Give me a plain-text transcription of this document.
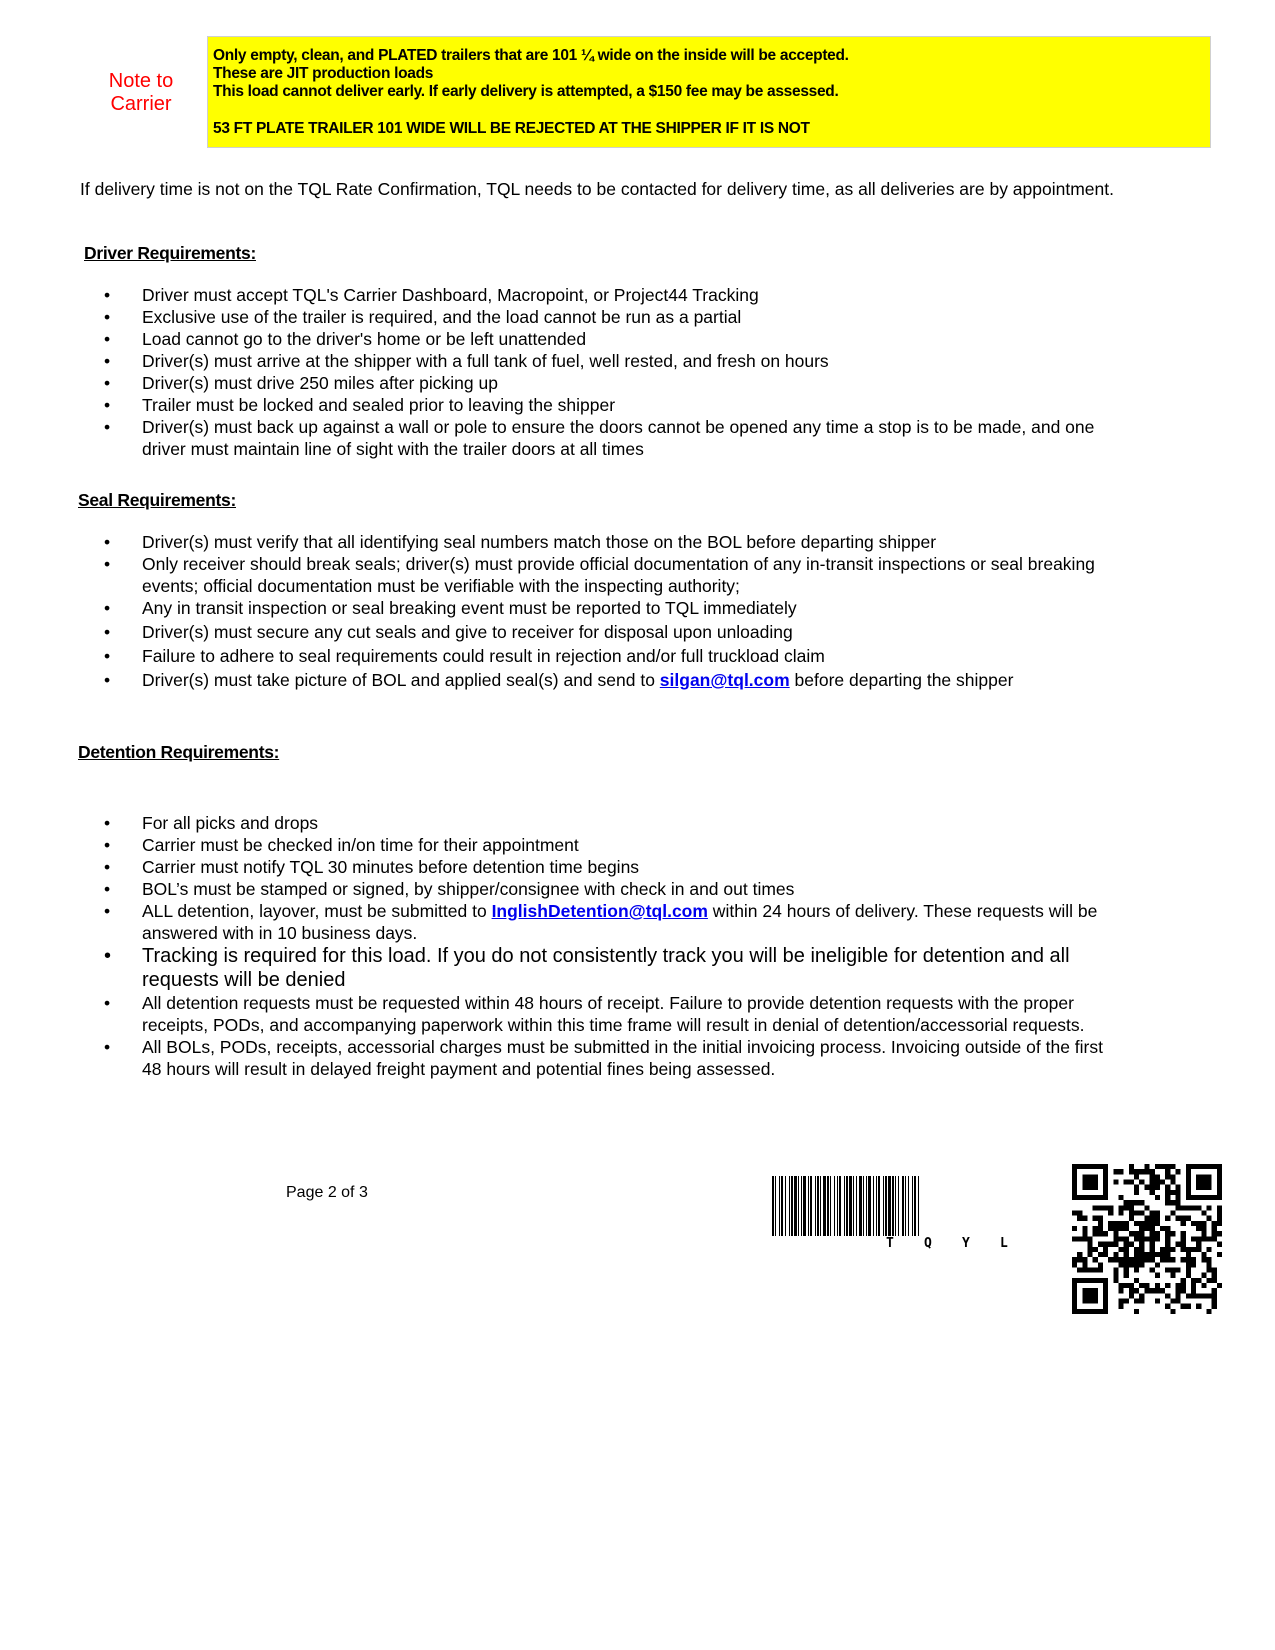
Note to
Carrier
Only empty, clean, and PLATED trailers that are 101 ¼ wide on the inside will be accepted.
These are JIT production loads
This load cannot deliver early. If early delivery is attempted, a $150 fee may be assessed.
53 FT PLATE TRAILER 101 WIDE WILL BE REJECTED AT THE SHIPPER IF IT IS NOT
If delivery time is not on the TQL Rate Confirmation, TQL needs to be contacted for delivery time, as all deliveries are by appointment.
Driver Requirements:
•	Driver must accept TQL's Carrier Dashboard, Macropoint, or Project44 Tracking
•	Exclusive use of the trailer is required, and the load cannot be run as a partial
•	Load cannot go to the driver's home or be left unattended
•	Driver(s) must arrive at the shipper with a full tank of fuel, well rested, and fresh on hours
•	Driver(s) must drive 250 miles after picking up
•	Trailer must be locked and sealed prior to leaving the shipper
•	Driver(s) must back up against a wall or pole to ensure the doors cannot be opened any time a stop is to be made, and one driver must maintain line of sight with the trailer doors at all times
Seal Requirements:
•	Driver(s) must verify that all identifying seal numbers match those on the BOL before departing shipper
•	Only receiver should break seals; driver(s) must provide official documentation of any in-transit inspections or seal breaking events; official documentation must be verifiable with the inspecting authority;
•	Any in transit inspection or seal breaking event must be reported to TQL immediately
•	Driver(s) must secure any cut seals and give to receiver for disposal upon unloading
•	Failure to adhere to seal requirements could result in rejection and/or full truckload claim
•	Driver(s) must take picture of BOL and applied seal(s) and send to silgan@tql.com before departing the shipper
Detention Requirements:
•	For all picks and drops
•	Carrier must be checked in/on time for their appointment
•	Carrier must notify TQL 30 minutes before detention time begins
•	BOL’s must be stamped or signed, by shipper/consignee with check in and out times
•	ALL detention, layover, must be submitted to InglishDetention@tql.com within 24 hours of delivery. These requests will be answered with in 10 business days.
•	Tracking is required for this load. If you do not consistently track you will be ineligible for detention and all requests will be denied
•	All detention requests must be requested within 48 hours of receipt. Failure to provide detention requests with the proper receipts, PODs, and accompanying paperwork within this time frame will result in denial of detention/accessorial requests.
•	All BOLs, PODs, receipts, accessorial charges must be submitted in the initial invoicing process. Invoicing outside of the first 48 hours will result in delayed freight payment and potential fines being assessed.
Page 2 of 3
T Q Y L
